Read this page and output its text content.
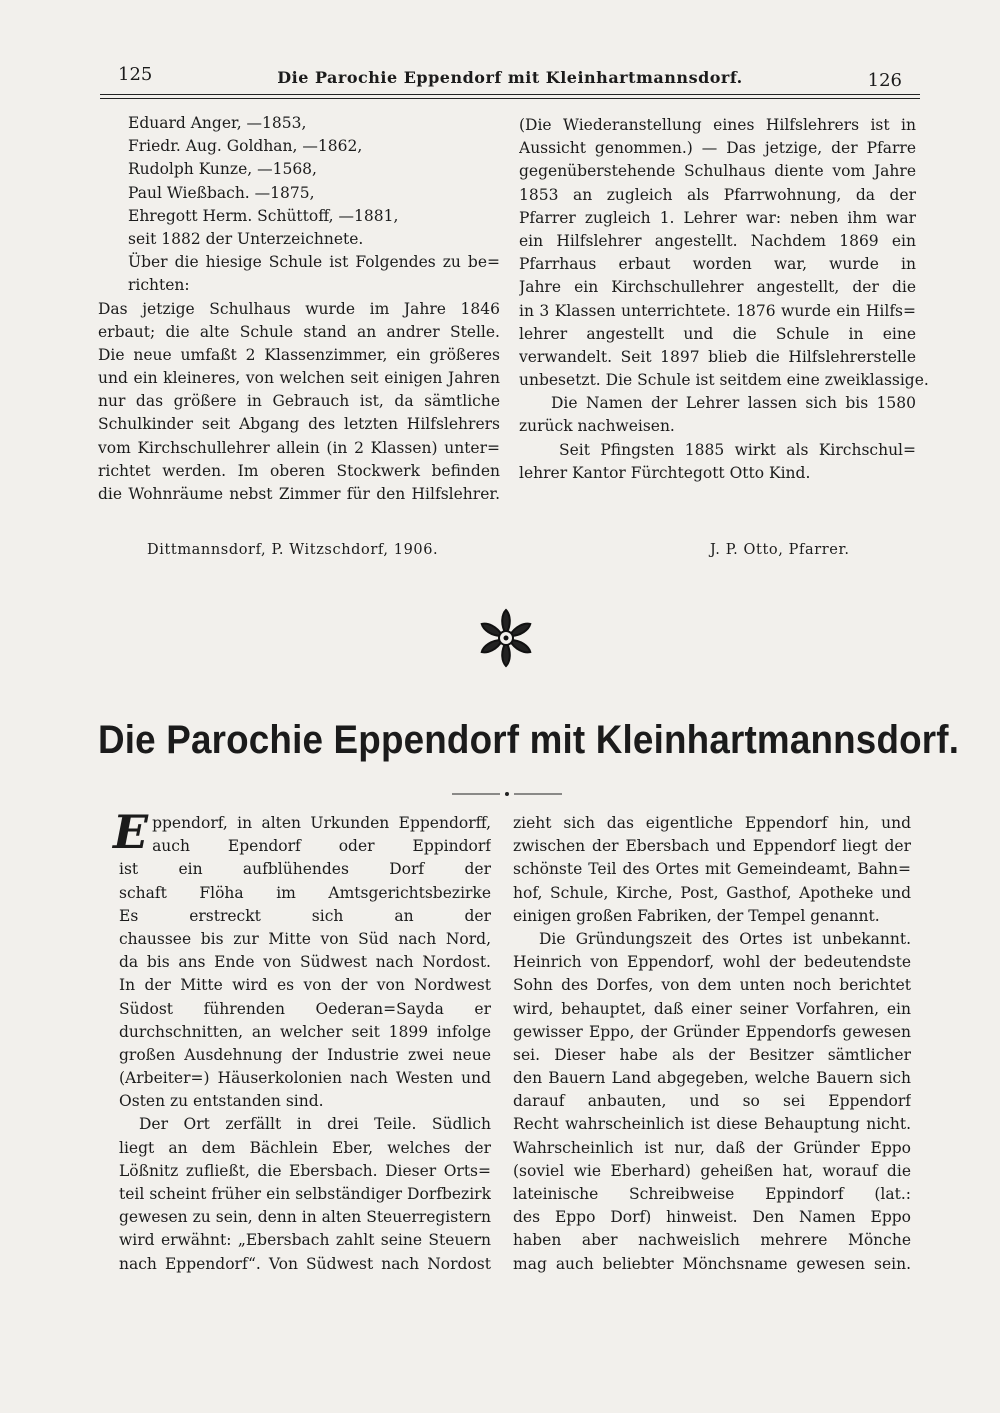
125	Die Parochie Eppendorf mit Kleinhartmannsdorf.	126
Eduard Anger, —1853,
Friedr. Aug. Goldhan, —1862,
Rudolph Kunze, —1568,
Paul Wießbach. —1875,
Ehregott Herm. Schüttoff, —1881,
seit 1882 der Unterzeichnete.
Über die hiesige Schule ist Folgendes zu be=
richten:
Das jetzige Schulhaus wurde im Jahre 1846
erbaut; die alte Schule stand an andrer Stelle.
Die neue umfaßt 2 Klassenzimmer, ein größeres
und ein kleineres, von welchen seit einigen Jahren
nur das größere in Gebrauch ist, da sämtliche
Schulkinder seit Abgang des letzten Hilfslehrers
vom Kirchschullehrer allein (in 2 Klassen) unter=
richtet werden. Im oberen Stockwerk befinden
die Wohnräume nebst Zimmer für den Hilfslehrer.
(Die Wiederanstellung eines Hilfslehrers ist in
Aussicht genommen.) — Das jetzige, der Pfarre
gegenüberstehende Schulhaus diente vom Jahre
1853 an zugleich als Pfarrwohnung, da der
Pfarrer zugleich 1. Lehrer war: neben ihm war
ein Hilfslehrer angestellt. Nachdem 1869 ein
Pfarrhaus erbaut worden war, wurde in
Jahre ein Kirchschullehrer angestellt, der die
in 3 Klassen unterrichtete. 1876 wurde ein Hilfs=
lehrer angestellt und die Schule in eine
verwandelt. Seit 1897 blieb die Hilfslehrerstelle
unbesetzt. Die Schule ist seitdem eine zweiklassige.
Die Namen der Lehrer lassen sich bis 1580
zurück nachweisen.
Seit Pfingsten 1885 wirkt als Kirchschul=
lehrer Kantor Fürchtegott Otto Kind.
Dittmannsdorf, P. Witzschdorf, 1906.	J. P. Otto, Pfarrer.
Die Parochie Eppendorf mit Kleinhartmannsdorf.
E ppendorf, in alten Urkunden Eppendorff,
auch Ependorf oder Eppindorf
ist ein aufblühendes Dorf der
schaft Flöha im Amtsgerichtsbezirke
Es erstreckt sich an der
chaussee bis zur Mitte von Süd nach Nord,
da bis ans Ende von Südwest nach Nordost.
In der Mitte wird es von der von Nordwest
Südost führenden Oederan=Sayda er
durchschnitten, an welcher seit 1899 infolge
großen Ausdehnung der Industrie zwei neue
(Arbeiter=) Häuserkolonien nach Westen und
Osten zu entstanden sind.
Der Ort zerfällt in drei Teile. Südlich
liegt an dem Bächlein Eber, welches der
Lößnitz zufließt, die Ebersbach. Dieser Orts=
teil scheint früher ein selbständiger Dorfbezirk
gewesen zu sein, denn in alten Steuerregistern
wird erwähnt: „Ebersbach zahlt seine Steuern
nach Eppendorf“. Von Südwest nach Nordost
zieht sich das eigentliche Eppendorf hin, und
zwischen der Ebersbach und Eppendorf liegt der
schönste Teil des Ortes mit Gemeindeamt, Bahn=
hof, Schule, Kirche, Post, Gasthof, Apotheke und
einigen großen Fabriken, der Tempel genannt.
Die Gründungszeit des Ortes ist unbekannt.
Heinrich von Eppendorf, wohl der bedeutendste
Sohn des Dorfes, von dem unten noch berichtet
wird, behauptet, daß einer seiner Vorfahren, ein
gewisser Eppo, der Gründer Eppendorfs gewesen
sei. Dieser habe als der Besitzer sämtlicher
den Bauern Land abgegeben, welche Bauern sich
darauf anbauten, und so sei Eppendorf
Recht wahrscheinlich ist diese Behauptung nicht.
Wahrscheinlich ist nur, daß der Gründer Eppo
(soviel wie Eberhard) geheißen hat, worauf die
lateinische Schreibweise Eppindorf (lat.:
des Eppo Dorf) hinweist. Den Namen Eppo
haben aber nachweislich mehrere Mönche
mag auch beliebter Mönchsname gewesen sein.
